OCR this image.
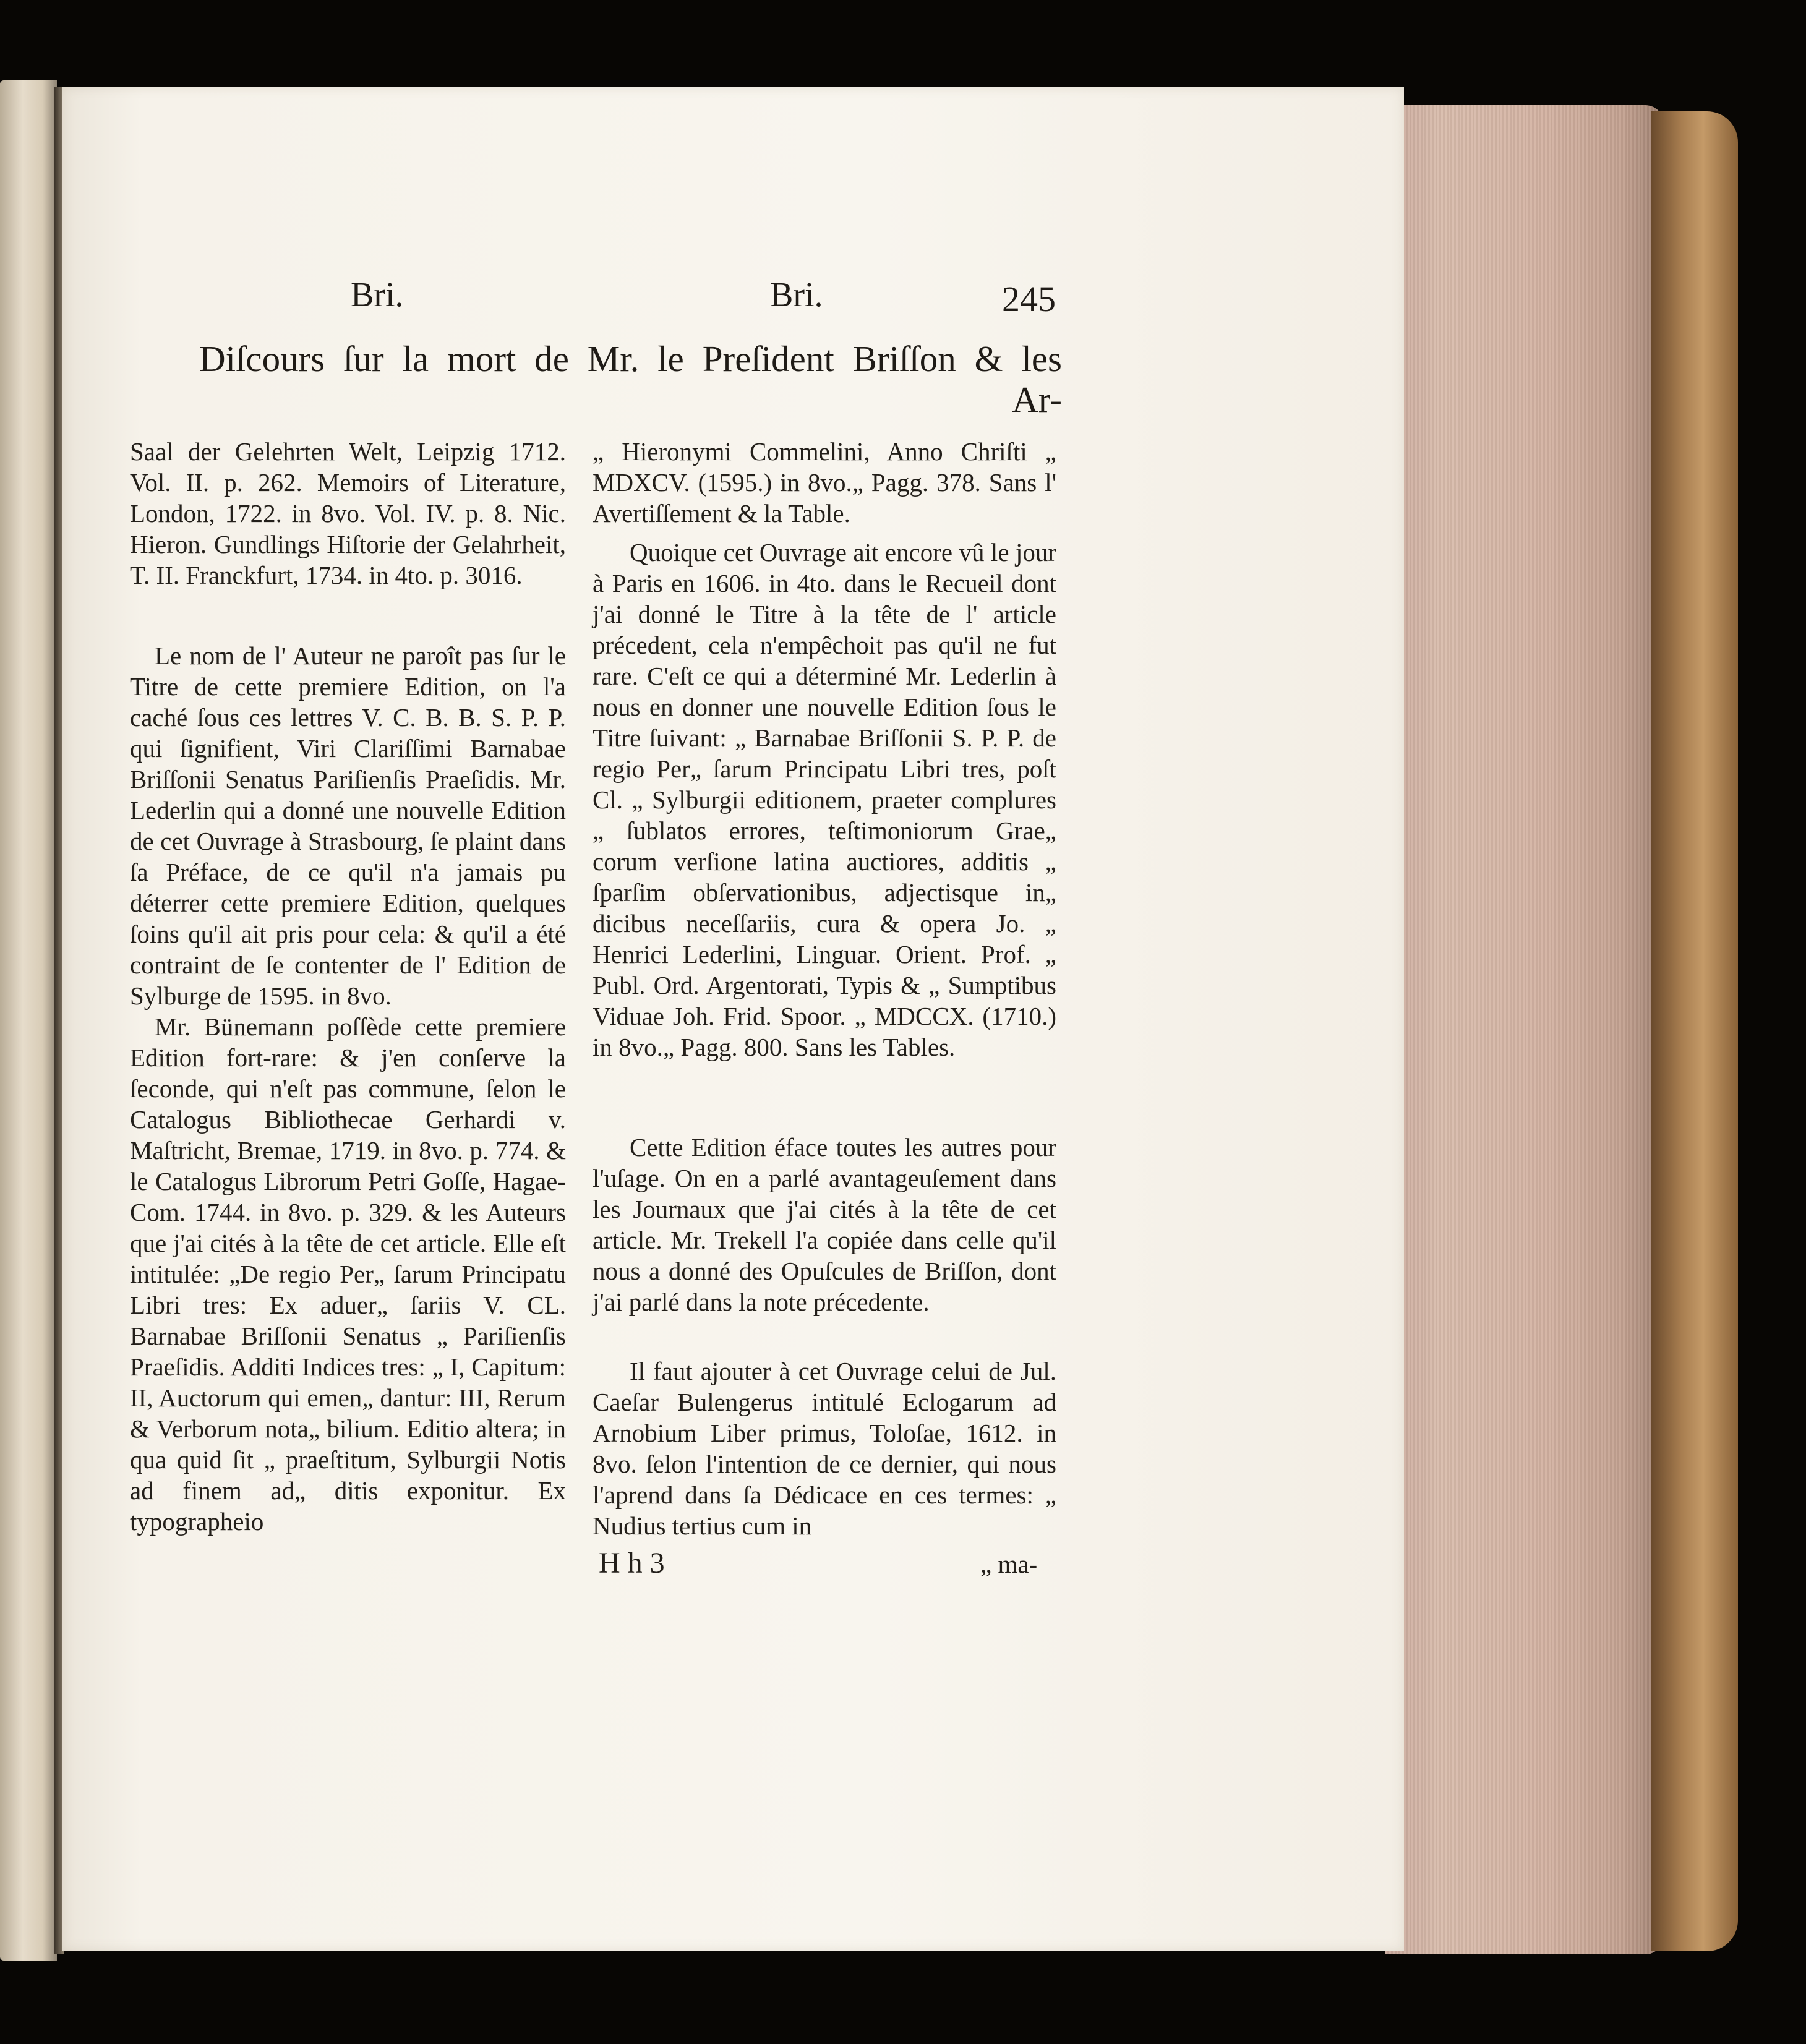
Bri.	Bri.	245

Diſcours ſur la mort de Mr. le Preſident Briſſon & les

Ar-

Saal der Gelehrten Welt, Leipzig 1712. Vol. II. p. 262. Memoirs of Literature, London, 1722. in 8vo. Vol. IV. p. 8. Nic. Hieron. Gundlings Hiſtorie der Gelahrheit, T. II. Franckfurt, 1734. in 4to. p. 3016.

Le nom de l' Auteur ne paroît pas ſur le Titre de cette premiere Edition, on l'a caché ſous ces lettres V. C. B. B. S. P. P. qui ſignifient, Viri Clariſſimi Barnabae Briſſonii Senatus Pariſienſis Praeſidis. Mr. Lederlin qui a donné une nouvelle Edition de cet Ouvrage à Strasbourg, ſe plaint dans ſa Préface, de ce qu'il n'a jamais pu déterrer cette premiere Edition, quelques ſoins qu'il ait pris pour cela: & qu'il a été contraint de ſe contenter de l' Edition de Sylburge de 1595. in 8vo.

Mr. Bünemann poſſède cette premiere Edition fort-rare: & j'en conſerve la ſeconde, qui n'eſt pas commune, ſelon le Catalogus Bibliothecae Gerhardi v. Maſtricht, Bremae, 1719. in 8vo. p. 774. & le Catalogus Librorum Petri Goſſe, Hagae-Com. 1744. in 8vo. p. 329. & les Auteurs que j'ai cités à la tête de cet article. Elle eſt intitulée: „De regio Per„ ſarum Principatu Libri tres: Ex aduer„ ſariis V. CL. Barnabae Briſſonii Senatus „ Pariſienſis Praeſidis. Additi Indices tres: „ I, Capitum: II, Auctorum qui emen„ dantur: III, Rerum & Verborum nota„ bilium. Editio altera; in qua quid ſit „ praeſtitum, Sylburgii Notis ad finem ad„ ditis exponitur. Ex typographeio

„ Hieronymi Commelini, Anno Chriſti „ MDXCV. (1595.) in 8vo.„ Pagg. 378. Sans l' Avertiſſement & la Table.

Quoique cet Ouvrage ait encore vû le jour à Paris en 1606. in 4to. dans le Recueil dont j'ai donné le Titre à la tête de l' article précedent, cela n'empêchoit pas qu'il ne fut rare. C'eſt ce qui a déterminé Mr. Lederlin à nous en donner une nouvelle Edition ſous le Titre ſuivant: „ Barnabae Briſſonii S. P. P. de regio Per„ ſarum Principatu Libri tres, poſt Cl. „ Sylburgii editionem, praeter complures „ ſublatos errores, teſtimoniorum Grae„ corum verſione latina auctiores, additis „ ſparſim obſervationibus, adjectisque in„ dicibus neceſſariis, cura & opera Jo. „ Henrici Lederlini, Linguar. Orient. Prof. „ Publ. Ord. Argentorati, Typis & „ Sumptibus Viduae Joh. Frid. Spoor. „ MDCCX. (1710.) in 8vo.„ Pagg. 800. Sans les Tables.

Cette Edition éface toutes les autres pour l'uſage. On en a parlé avantageuſement dans les Journaux que j'ai cités à la tête de cet article. Mr. Trekell l'a copiée dans celle qu'il nous a donné des Opuſcules de Briſſon, dont j'ai parlé dans la note précedente.

Il faut ajouter à cet Ouvrage celui de Jul. Caeſar Bulengerus intitulé Eclogarum ad Arnobium Liber primus, Toloſae, 1612. in 8vo. ſelon l'intention de ce dernier, qui nous l'aprend dans ſa Dédicace en ces termes: „ Nudius tertius cum in

H h 3	„ ma-
